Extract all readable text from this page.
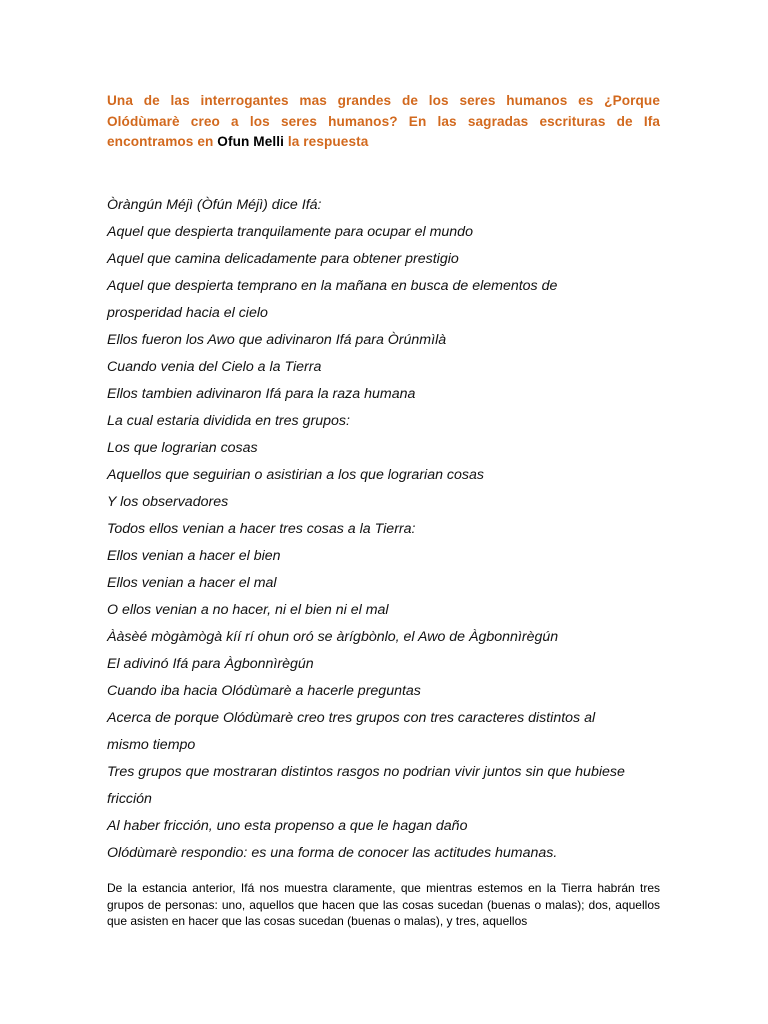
Una de las interrogantes mas grandes de los seres humanos es ¿Porque Olódùmarè creo a los seres humanos? En las sagradas escrituras de Ifa encontramos en Ofun Melli la respuesta

Òràngún Méjì (Òfún Méjì) dice Ifá:
Aquel que despierta tranquilamente para ocupar el mundo
Aquel que camina delicadamente para obtener prestigio
Aquel que despierta temprano en la mañana en busca de elementos de
prosperidad hacia el cielo
Ellos fueron los Awo que adivinaron Ifá para Òrúnmìlà
Cuando venia del Cielo a la Tierra
Ellos tambien adivinaron Ifá para la raza humana
La cual estaria dividida en tres grupos:
Los que lograrian cosas
Aquellos que seguirian o asistirian a los que lograrian cosas
Y los observadores
Todos ellos venian a hacer tres cosas a la Tierra:
Ellos venian a hacer el bien
Ellos venian a hacer el mal
O ellos venian a no hacer, ni el bien ni el mal
Ààsèé mògàmògà kíí rí ohun oró se àrígbònlo, el Awo de Àgbonnìrègún
El adivinó Ifá para Àgbonnìrègún
Cuando iba hacia Olódùmarè a hacerle preguntas
Acerca de porque Olódùmarè creo tres grupos con tres caracteres distintos al
mismo tiempo
Tres grupos que mostraran distintos rasgos no podrian vivir juntos sin que hubiese
fricción
Al haber fricción, uno esta propenso a que le hagan daño
Olódùmarè respondio: es una forma de conocer las actitudes humanas.

De la estancia anterior, Ifá nos muestra claramente, que mientras estemos en la Tierra habrán tres grupos de personas: uno, aquellos que hacen que las cosas sucedan (buenas o malas); dos, aquellos que asisten en hacer que las cosas sucedan (buenas o malas), y tres, aquellos
